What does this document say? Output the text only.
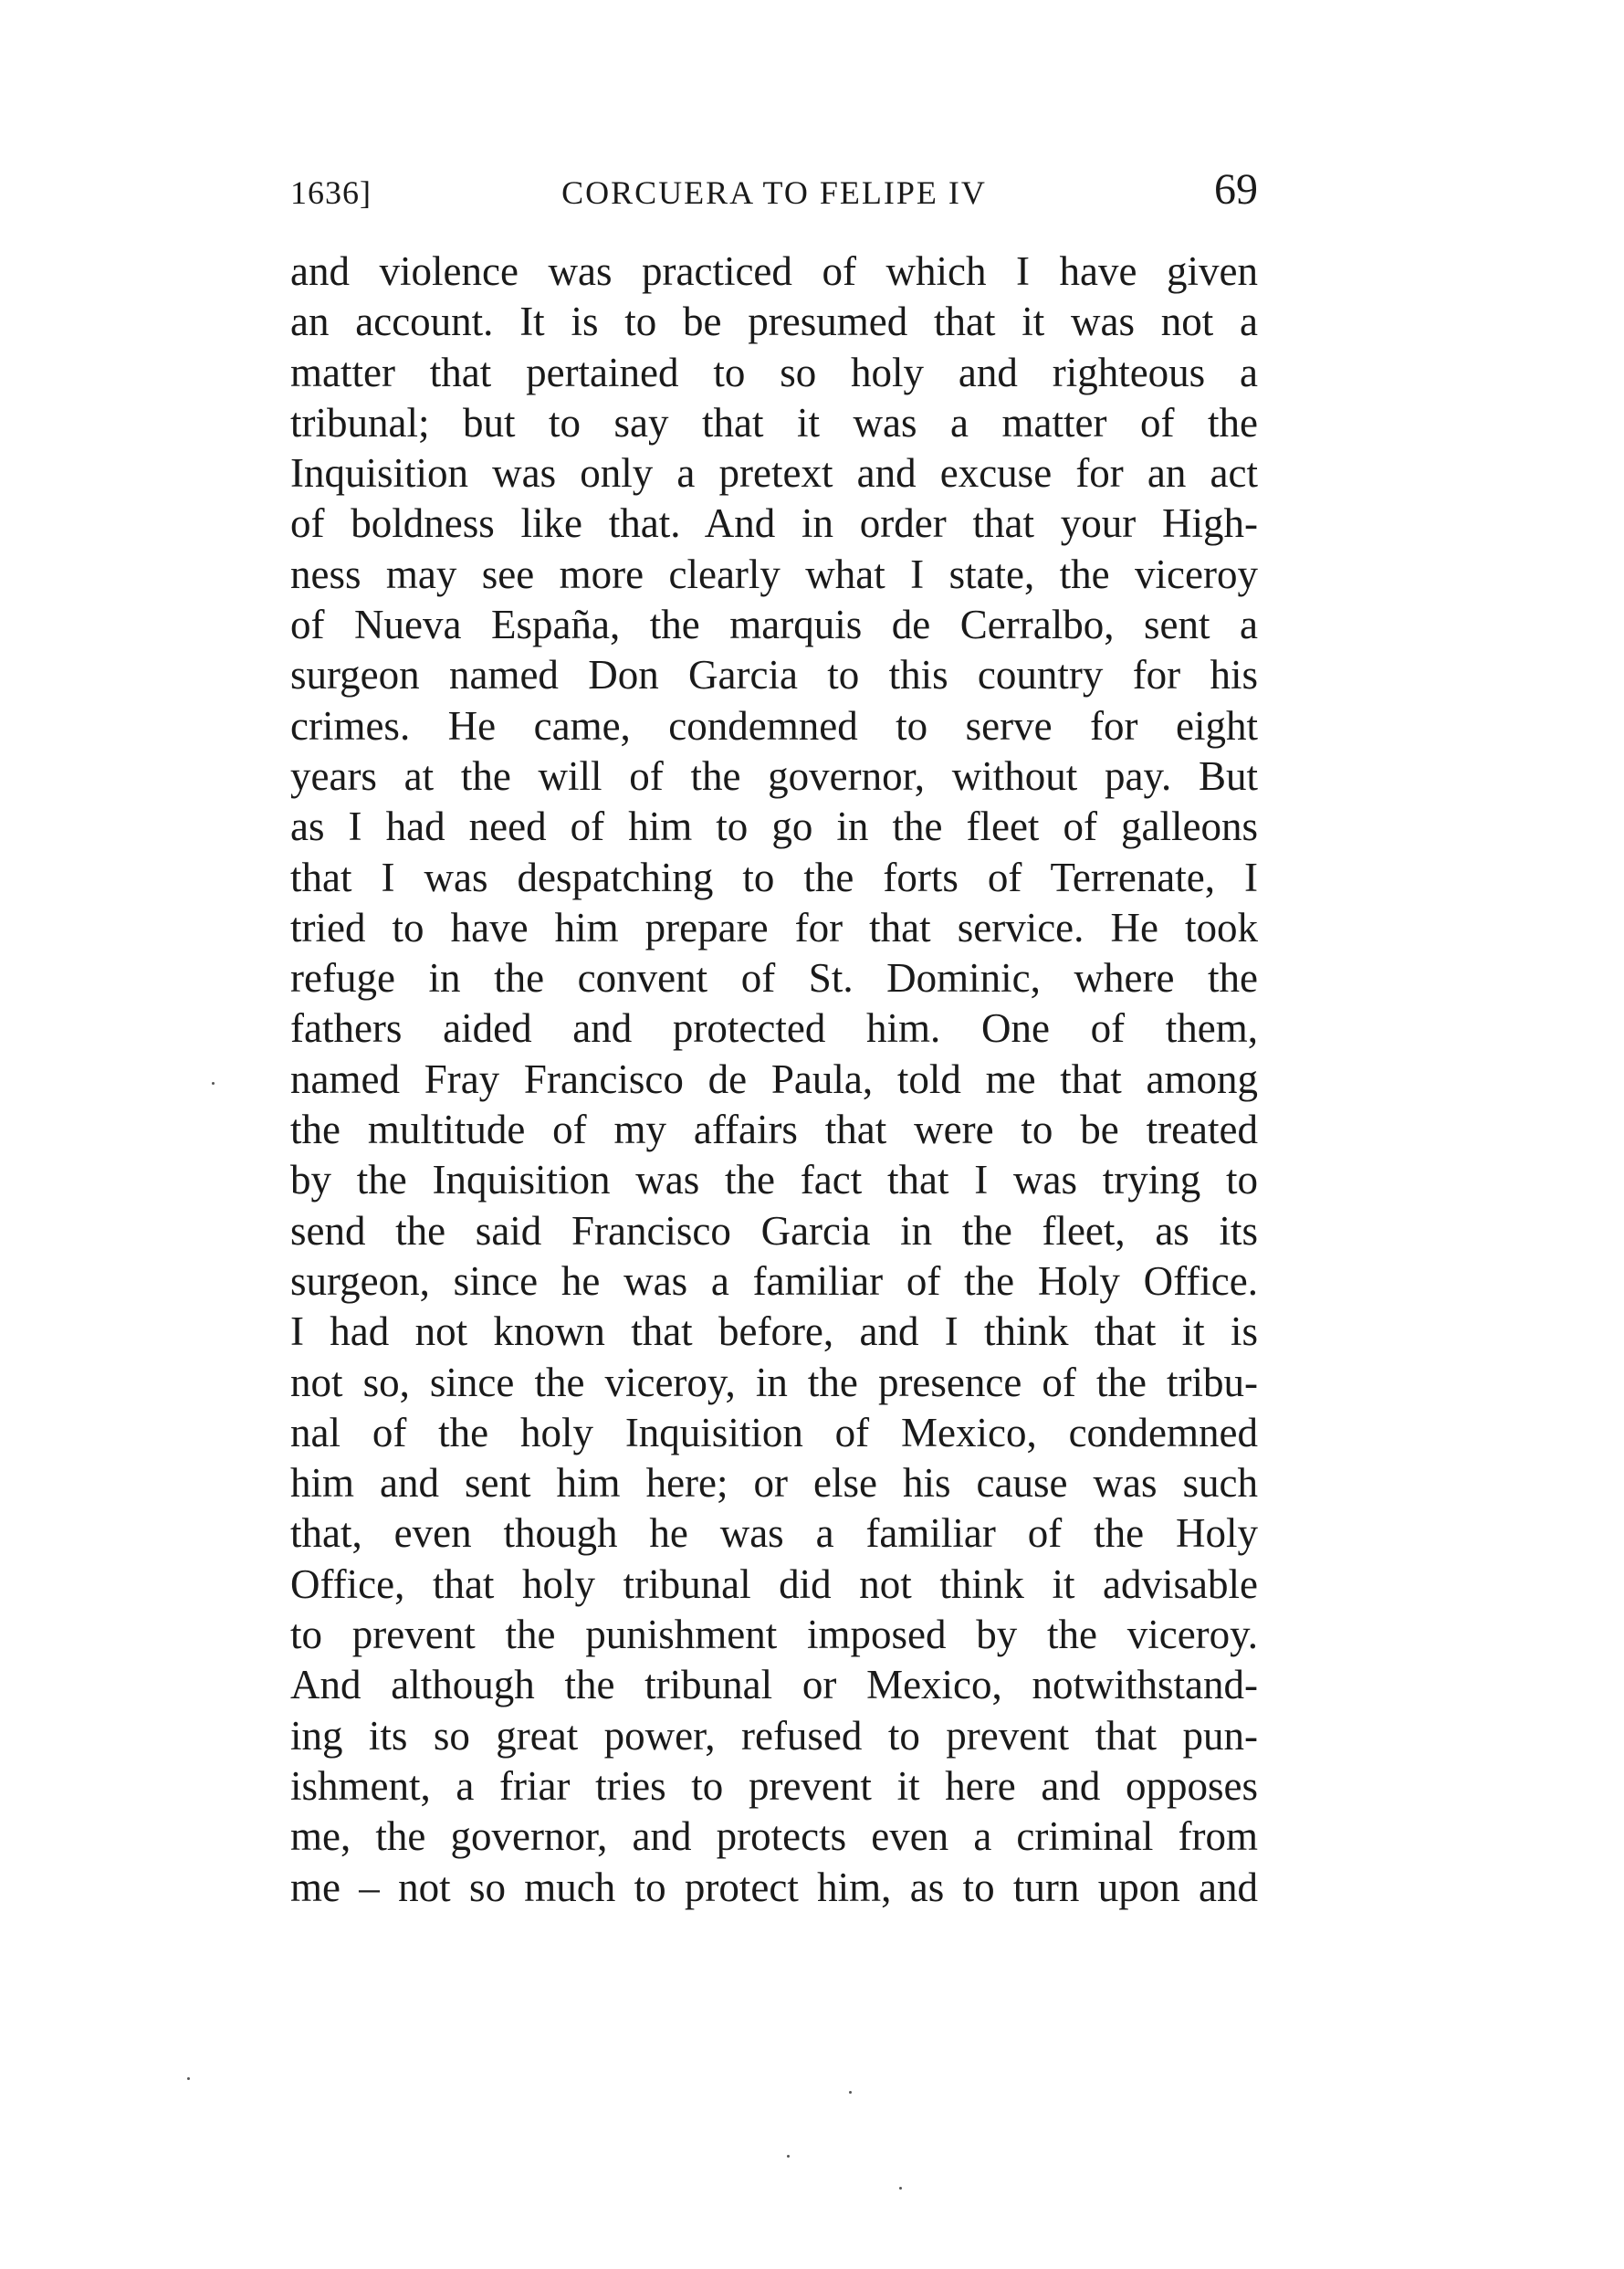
1636]	CORCUERA TO FELIPE IV	69
and violence was practiced of which I have given
an account. It is to be presumed that it was not a
matter that pertained to so holy and righteous a
tribunal; but to say that it was a matter of the
Inquisition was only a pretext and excuse for an act
of boldness like that. And in order that your High-
ness may see more clearly what I state, the viceroy
of Nueva España, the marquis de Cerralbo, sent a
surgeon named Don Garcia to this country for his
crimes. He came, condemned to serve for eight
years at the will of the governor, without pay. But
as I had need of him to go in the fleet of galleons
that I was despatching to the forts of Terrenate, I
tried to have him prepare for that service. He took
refuge in the convent of St. Dominic, where the
fathers aided and protected him. One of them,
named Fray Francisco de Paula, told me that among
the multitude of my affairs that were to be treated
by the Inquisition was the fact that I was trying to
send the said Francisco Garcia in the fleet, as its
surgeon, since he was a familiar of the Holy Office.
I had not known that before, and I think that it is
not so, since the viceroy, in the presence of the tribu-
nal of the holy Inquisition of Mexico, condemned
him and sent him here; or else his cause was such
that, even though he was a familiar of the Holy
Office, that holy tribunal did not think it advisable
to prevent the punishment imposed by the viceroy.
And although the tribunal or Mexico, notwithstand-
ing its so great power, refused to prevent that pun-
ishment, a friar tries to prevent it here and opposes
me, the governor, and protects even a criminal from
me – not so much to protect him, as to turn upon and
